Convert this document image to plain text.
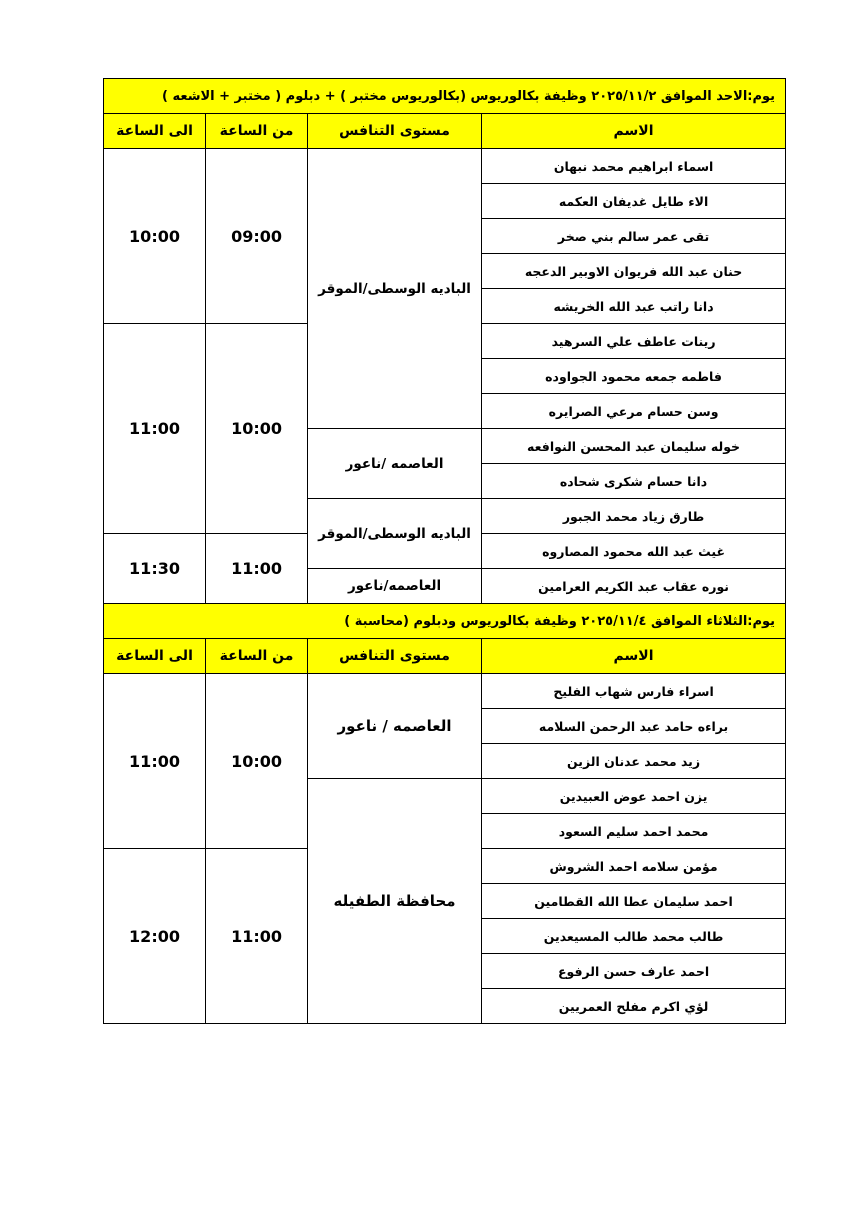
يوم:الاحد الموافق ٢٠٢٥/١١/٢ وظيفة بكالوريوس (بكالوريوس مختبر ) + دبلوم ( مختبر + الاشعه )			
الاسم	مستوى التنافس	من الساعة	الى الساعة
اسماء ابراهيم محمد نبهان	الباديه الوسطى/الموقر	09:00	10:00
الاء طايل غديفان العكمه			
تقى عمر سالم بني صخر			
حنان عبد الله فريوان الاوبير الدعجه			
دانا راتب عبد الله الخريشه			
رينات عاطف علي السرهيد		10:00	11:00
فاطمه جمعه محمود الجواوده			
وسن حسام مرعي الصرايره			
خوله سليمان عبد المحسن النوافعه	العاصمه /ناعور		
دانا حسام شكرى شحاده			
طارق زياد محمد الجبور	الباديه الوسطى/الموقر		
غيث عبد الله محمود المصاروه		11:00	11:30
نوره عقاب عبد الكريم العرامين	العاصمه/ناعور		
يوم:الثلاثاء الموافق ٢٠٢٥/١١/٤ وظيفة بكالوريوس ودبلوم (محاسبة )			
الاسم	مستوى التنافس	من الساعة	الى الساعة
اسراء فارس شهاب الفليح	العاصمه / ناعور	10:00	11:00
براءه حامد عبد الرحمن السلامه			
زيد محمد عدنان الزين			
يزن احمد عوض العبيدين	محافظة الطفيله		
محمد احمد سليم السعود			
مؤمن سلامه احمد الشروش		11:00	12:00
احمد سليمان عطا الله القطامين			
طالب محمد طالب المسيعدين			
احمد عارف حسن الرفوع			
لؤي اكرم مفلح العمريين			
